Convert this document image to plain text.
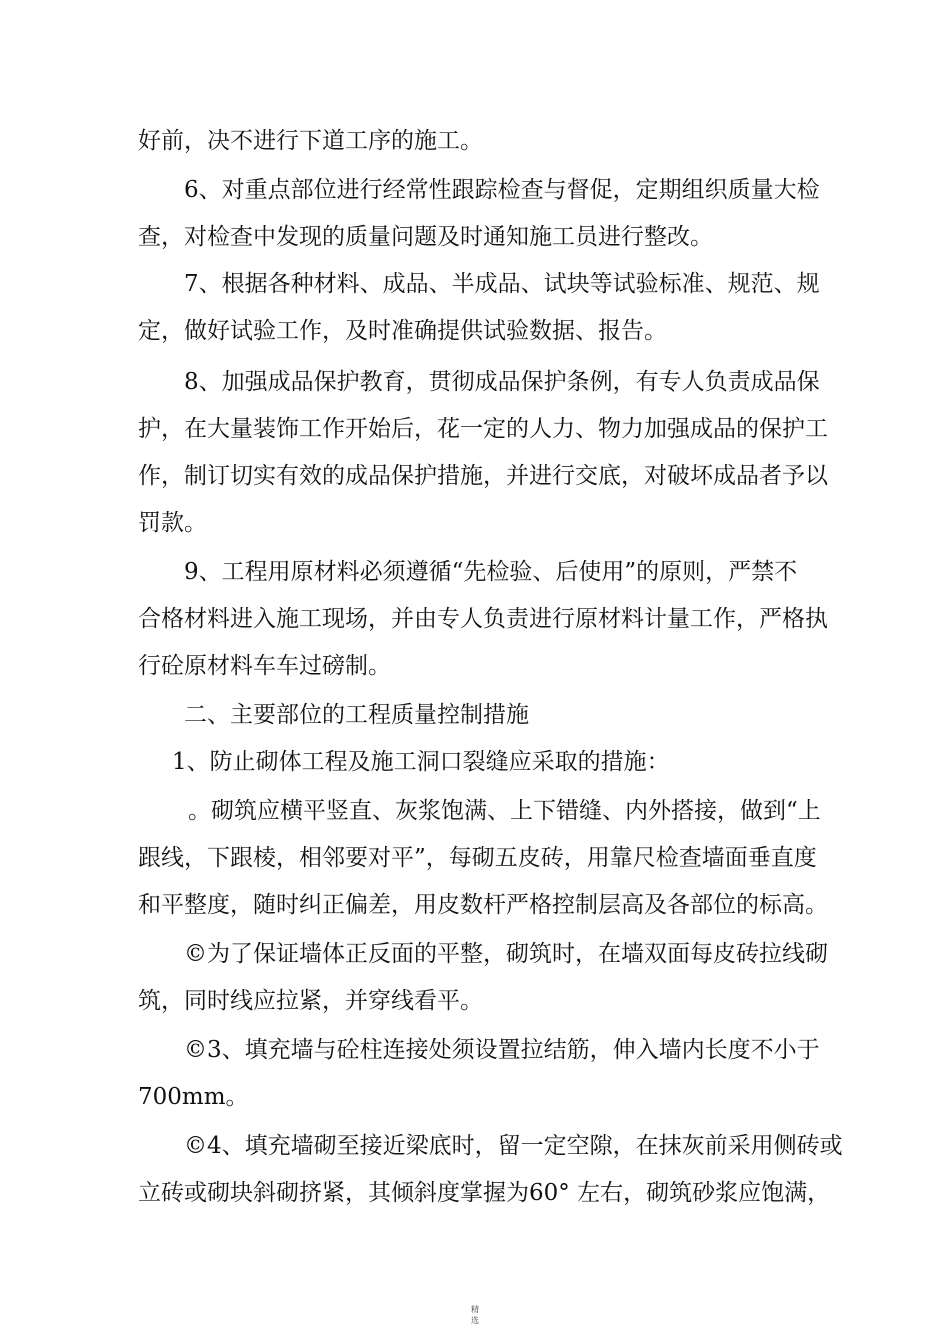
好前，决不进行下道工序的施工。
6、对重点部位进行经常性跟踪检查与督促，定期组织质量大检
查，对检查中发现的质量问题及时通知施工员进行整改。
7、根据各种材料、成品、半成品、试块等试验标准、规范、规
定，做好试验工作，及时准确提供试验数据、报告。
8、加强成品保护教育，贯彻成品保护条例，有专人负责成品保
护，在大量装饰工作开始后，花一定的人力、物力加强成品的保护工
作，制订切实有效的成品保护措施，并进行交底，对破坏成品者予以
罚款。
9、工程用原材料必须遵循“先检验、后使用”的原则，严禁不
合格材料进入施工现场，并由专人负责进行原材料计量工作，严格执
行砼原材料车车过磅制。
二、主要部位的工程质量控制措施
1、防止砌体工程及施工洞口裂缝应采取的措施：
。砌筑应横平竖直、灰浆饱满、上下错缝、内外搭接，做到“上
跟线，下跟棱，相邻要对平”，每砌五皮砖，用靠尺检查墙面垂直度
和平整度，随时纠正偏差，用皮数杆严格控制层高及各部位的标高。
©为了保证墙体正反面的平整，砌筑时，在墙双面每皮砖拉线砌
筑，同时线应拉紧，并穿线看平。
©3、填充墙与砼柱连接处须设置拉结筋，伸入墙内长度不小于
700mm。
©4、填充墙砌至接近梁底时，留一定空隙，在抹灰前采用侧砖或
立砖或砌块斜砌挤紧，其倾斜度掌握为60° 左右，砌筑砂浆应饱满，
精
选
